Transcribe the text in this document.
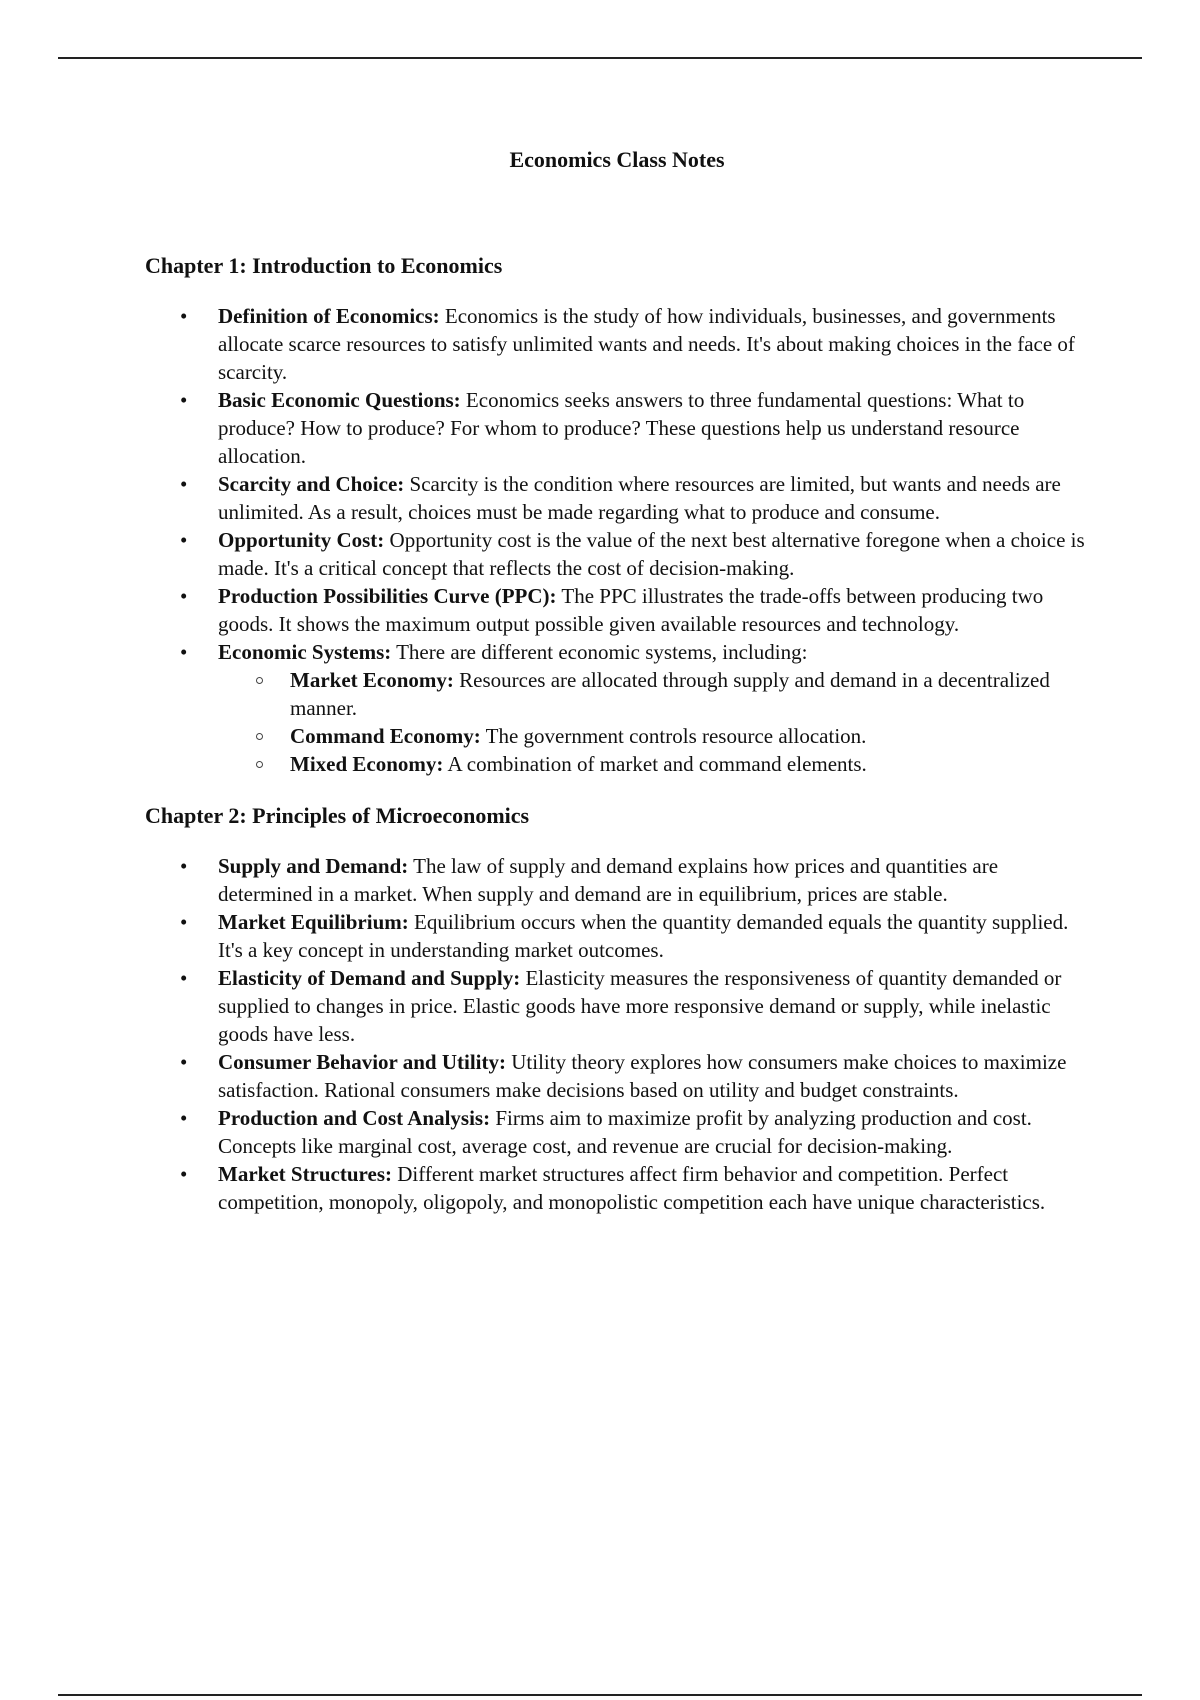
Economics Class Notes
Chapter 1: Introduction to Economics
• Definition of Economics: Economics is the study of how individuals, businesses, and governments allocate scarce resources to satisfy unlimited wants and needs. It's about making choices in the face of scarcity.
• Basic Economic Questions: Economics seeks answers to three fundamental questions: What to produce? How to produce? For whom to produce? These questions help us understand resource allocation.
• Scarcity and Choice: Scarcity is the condition where resources are limited, but wants and needs are unlimited. As a result, choices must be made regarding what to produce and consume.
• Opportunity Cost: Opportunity cost is the value of the next best alternative foregone when a choice is made. It's a critical concept that reflects the cost of decision-making.
• Production Possibilities Curve (PPC): The PPC illustrates the trade-offs between producing two goods. It shows the maximum output possible given available resources and technology.
• Economic Systems: There are different economic systems, including:
Market Economy: Resources are allocated through supply and demand in a decentralized manner.
Command Economy: The government controls resource allocation.
Mixed Economy: A combination of market and command elements.
Chapter 2: Principles of Microeconomics
• Supply and Demand: The law of supply and demand explains how prices and quantities are determined in a market. When supply and demand are in equilibrium, prices are stable.
• Market Equilibrium: Equilibrium occurs when the quantity demanded equals the quantity supplied. It's a key concept in understanding market outcomes.
• Elasticity of Demand and Supply: Elasticity measures the responsiveness of quantity demanded or supplied to changes in price. Elastic goods have more responsive demand or supply, while inelastic goods have less.
• Consumer Behavior and Utility: Utility theory explores how consumers make choices to maximize satisfaction. Rational consumers make decisions based on utility and budget constraints.
• Production and Cost Analysis: Firms aim to maximize profit by analyzing production and cost. Concepts like marginal cost, average cost, and revenue are crucial for decision-making.
• Market Structures: Different market structures affect firm behavior and competition. Perfect competition, monopoly, oligopoly, and monopolistic competition each have unique characteristics.
